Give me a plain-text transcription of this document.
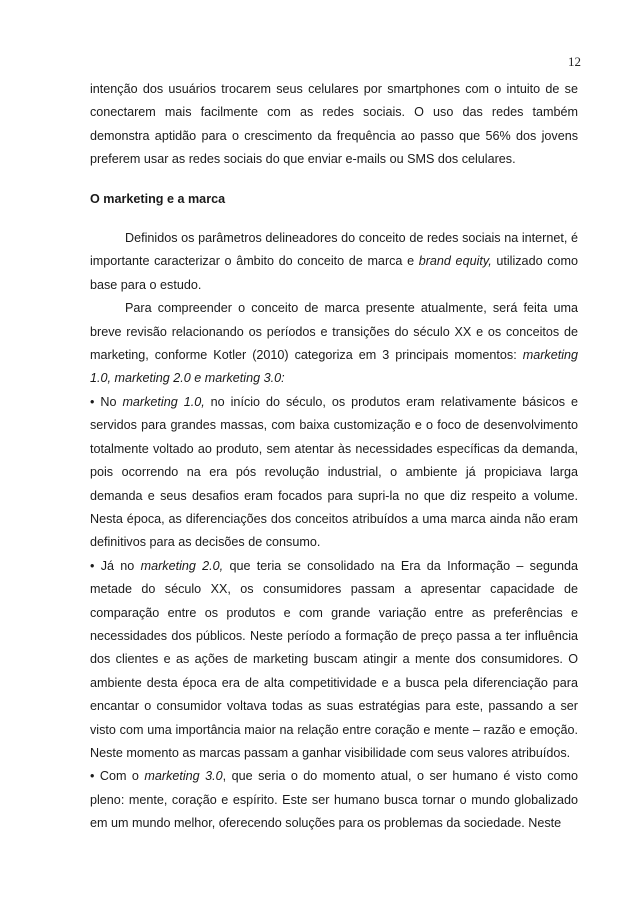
12

intenção dos usuários trocarem seus celulares por smartphones com o intuito de se conectarem mais facilmente com as redes sociais. O uso das redes também demonstra aptidão para o crescimento da frequência ao passo que 56% dos jovens preferem usar as redes sociais do que enviar e-mails ou SMS dos celulares.

O marketing e a marca

Definidos os parâmetros delineadores do conceito de redes sociais na internet, é importante caracterizar o âmbito do conceito de marca e brand equity, utilizado como base para o estudo.

Para compreender o conceito de marca presente atualmente, será feita uma breve revisão relacionando os períodos e transições do século XX e os conceitos de marketing, conforme Kotler (2010) categoriza em 3 principais momentos: marketing 1.0, marketing 2.0 e marketing 3.0:

• No marketing 1.0, no início do século, os produtos eram relativamente básicos e servidos para grandes massas, com baixa customização e o foco de desenvolvimento totalmente voltado ao produto, sem atentar às necessidades específicas da demanda, pois ocorrendo na era pós revolução industrial, o ambiente já propiciava larga demanda e seus desafios eram focados para supri-la no que diz respeito a volume. Nesta época, as diferenciações dos conceitos atribuídos a uma marca ainda não eram definitivos para as decisões de consumo.

• Já no marketing 2.0, que teria se consolidado na Era da Informação – segunda metade do século XX, os consumidores passam a apresentar capacidade de comparação entre os produtos e com grande variação entre as preferências e necessidades dos públicos. Neste período a formação de preço passa a ter influência dos clientes e as ações de marketing buscam atingir a mente dos consumidores. O ambiente desta época era de alta competitividade e a busca pela diferenciação para encantar o consumidor voltava todas as suas estratégias para este, passando a ser visto com uma importância maior na relação entre coração e mente – razão e emoção. Neste momento as marcas passam a ganhar visibilidade com seus valores atribuídos.

• Com o marketing 3.0, que seria o do momento atual, o ser humano é visto como pleno: mente, coração e espírito. Este ser humano busca tornar o mundo globalizado em um mundo melhor, oferecendo soluções para os problemas da sociedade. Neste
